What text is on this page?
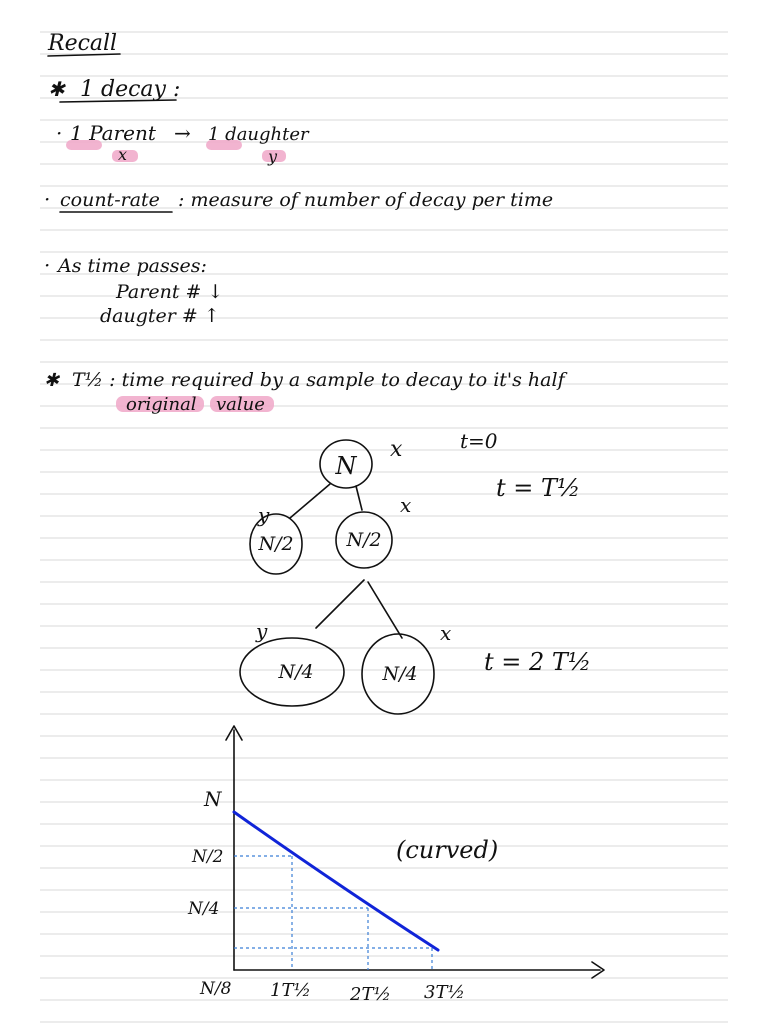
Recall
✱ 1 decay :
· 1 Parent → 1 daughter
x	y
· count-rate : measure of number of decay per time
· As time passes:
Parent # ↓
daugter # ↑
✱ T½ : time required by a sample to decay to it's half
original value
N
x	t=0
t = T½
N/2
y
N/2
x
N/4
y
N/4
x
t = 2 T½
N
N/2
N/4
N/8 1T½ 2T½ 3T½
(curved)
